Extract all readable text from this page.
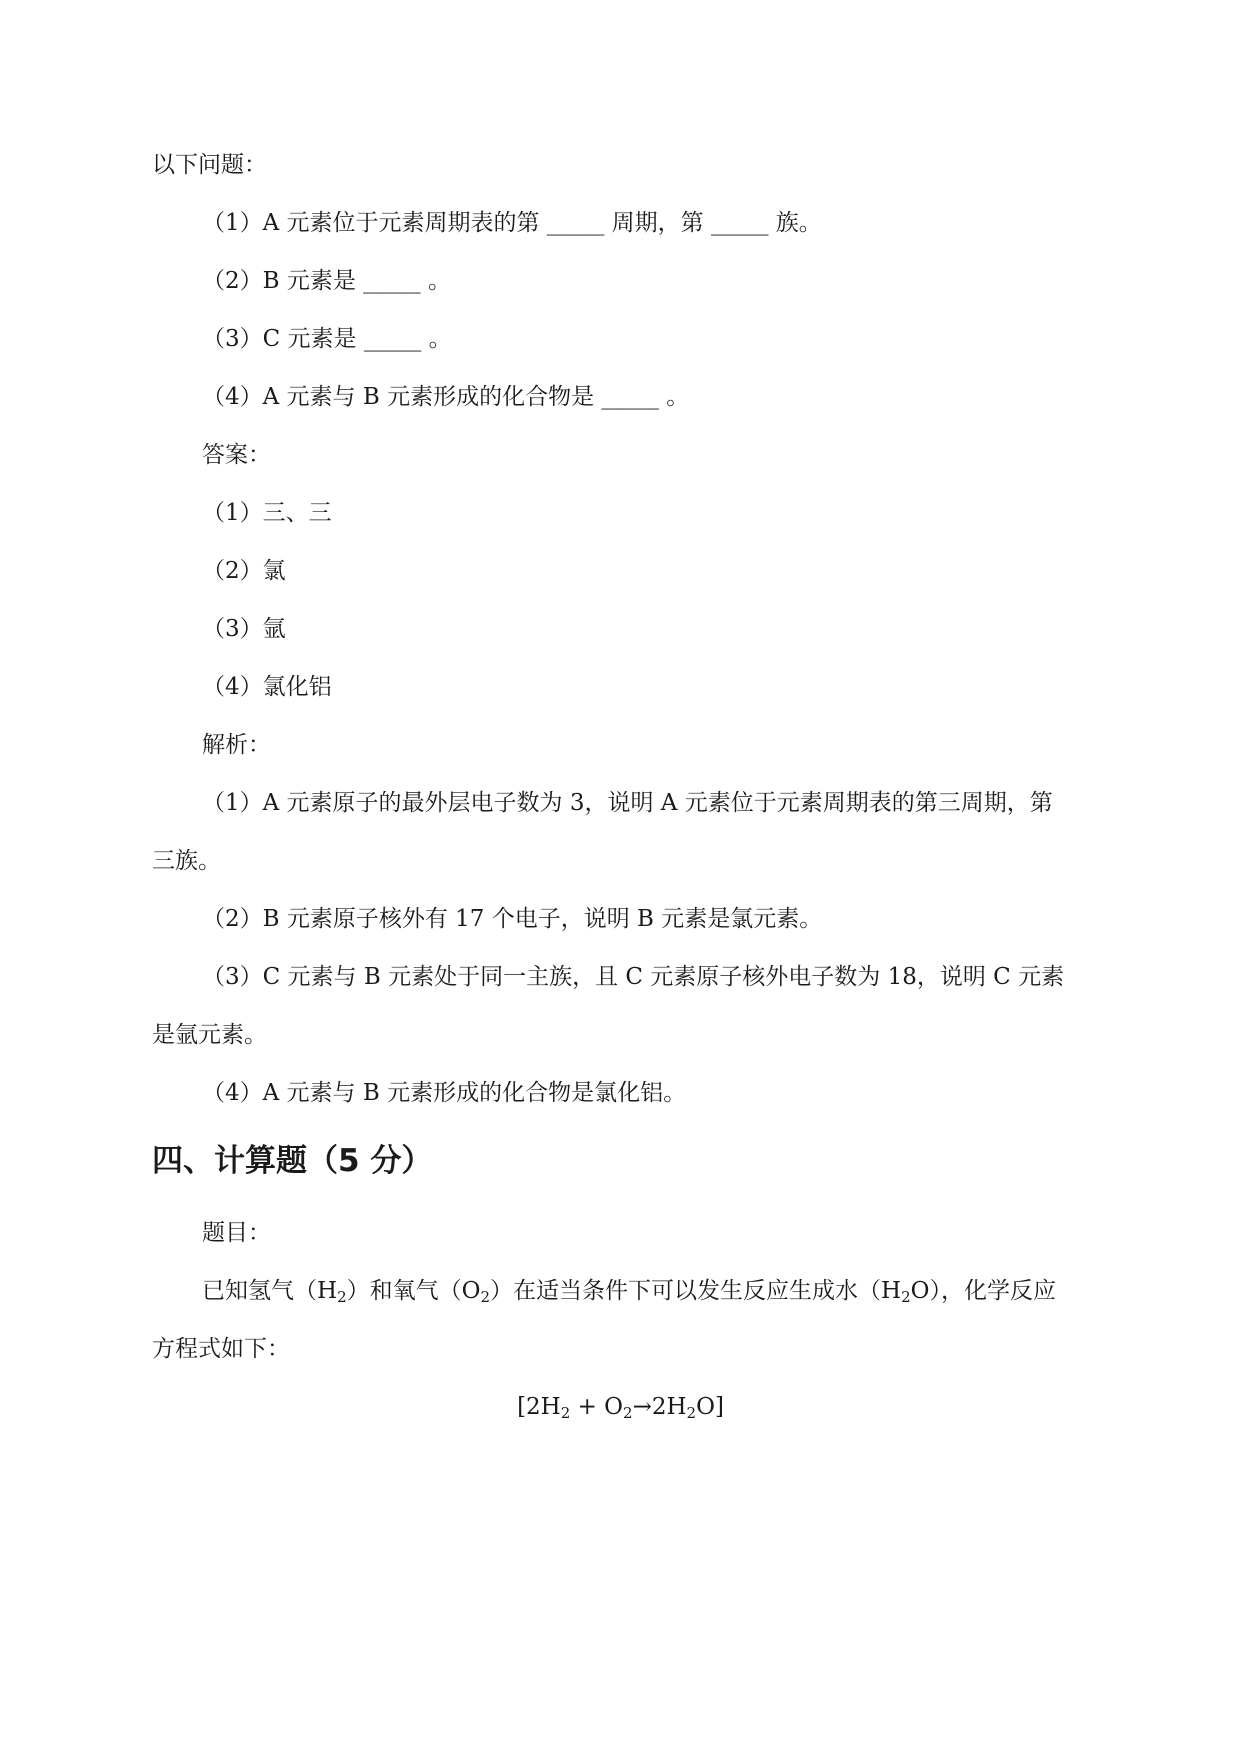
以下问题：
（1）A 元素位于元素周期表的第 _____ 周期，第 _____ 族。
（2）B 元素是 _____ 。
（3）C 元素是 _____ 。
（4）A 元素与 B 元素形成的化合物是 _____ 。
答案：
（1）三、三
（2）氯
（3）氩
（4）氯化铝
解析：
（1）A 元素原子的最外层电子数为 3，说明 A 元素位于元素周期表的第三周期，第
三族。
（2）B 元素原子核外有 17 个电子，说明 B 元素是氯元素。
（3）C 元素与 B 元素处于同一主族，且 C 元素原子核外电子数为 18，说明 C 元素
是氩元素。
（4）A 元素与 B 元素形成的化合物是氯化铝。
四、计算题（5 分）
题目：
已知氢气$(H_2)$和氧气$(O_2)$在适当条件下可以发生反应生成水$(H_2O)$，化学反应
方程式如下：
$[2H_2 + O_2\to 2H_2O]$
